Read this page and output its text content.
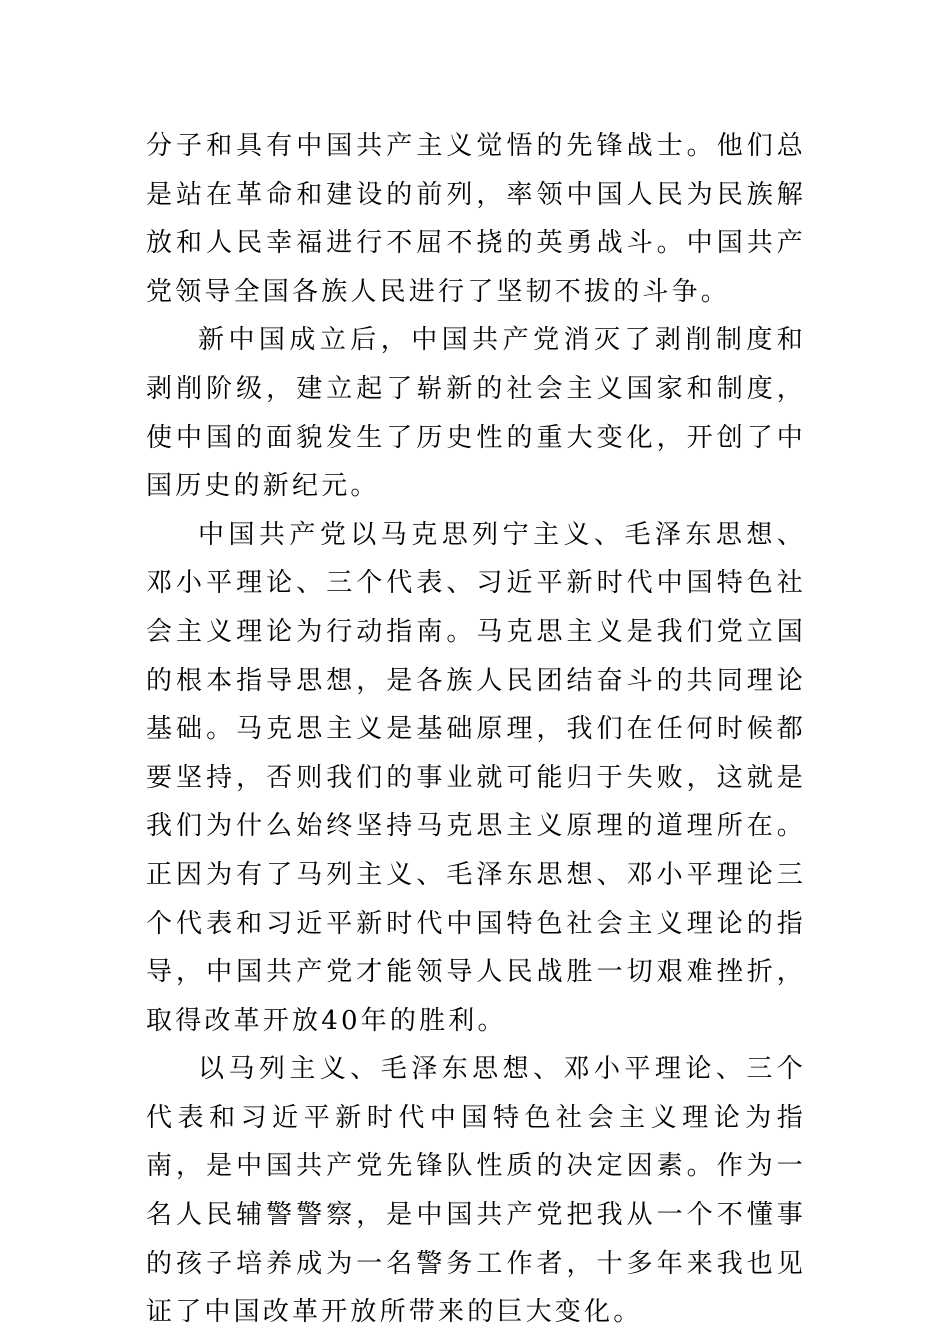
分子和具有中国共产主义觉悟的先锋战士。他们总是站在革命和建设的前列，率领中国人民为民族解放和人民幸福进行不屈不挠的英勇战斗。中国共产党领导全国各族人民进行了坚韧不拔的斗争。

新中国成立后，中国共产党消灭了剥削制度和剥削阶级，建立起了崭新的社会主义国家和制度，使中国的面貌发生了历史性的重大变化，开创了中国历史的新纪元。

中国共产党以马克思列宁主义、毛泽东思想、邓小平理论、三个代表、习近平新时代中国特色社会主义理论为行动指南。马克思主义是我们党立国的根本指导思想，是各族人民团结奋斗的共同理论基础。马克思主义是基础原理，我们在任何时候都要坚持，否则我们的事业就可能归于失败，这就是我们为什么始终坚持马克思主义原理的道理所在。正因为有了马列主义、毛泽东思想、邓小平理论三个代表和习近平新时代中国特色社会主义理论的指导，中国共产党才能领导人民战胜一切艰难挫折，取得改革开放40年的胜利。

以马列主义、毛泽东思想、邓小平理论、三个代表和习近平新时代中国特色社会主义理论为指南，是中国共产党先锋队性质的决定因素。作为一名人民辅警警察，是中国共产党把我从一个不懂事的孩子培养成为一名警务工作者，十多年来我也见证了中国改革开放所带来的巨大变化。
